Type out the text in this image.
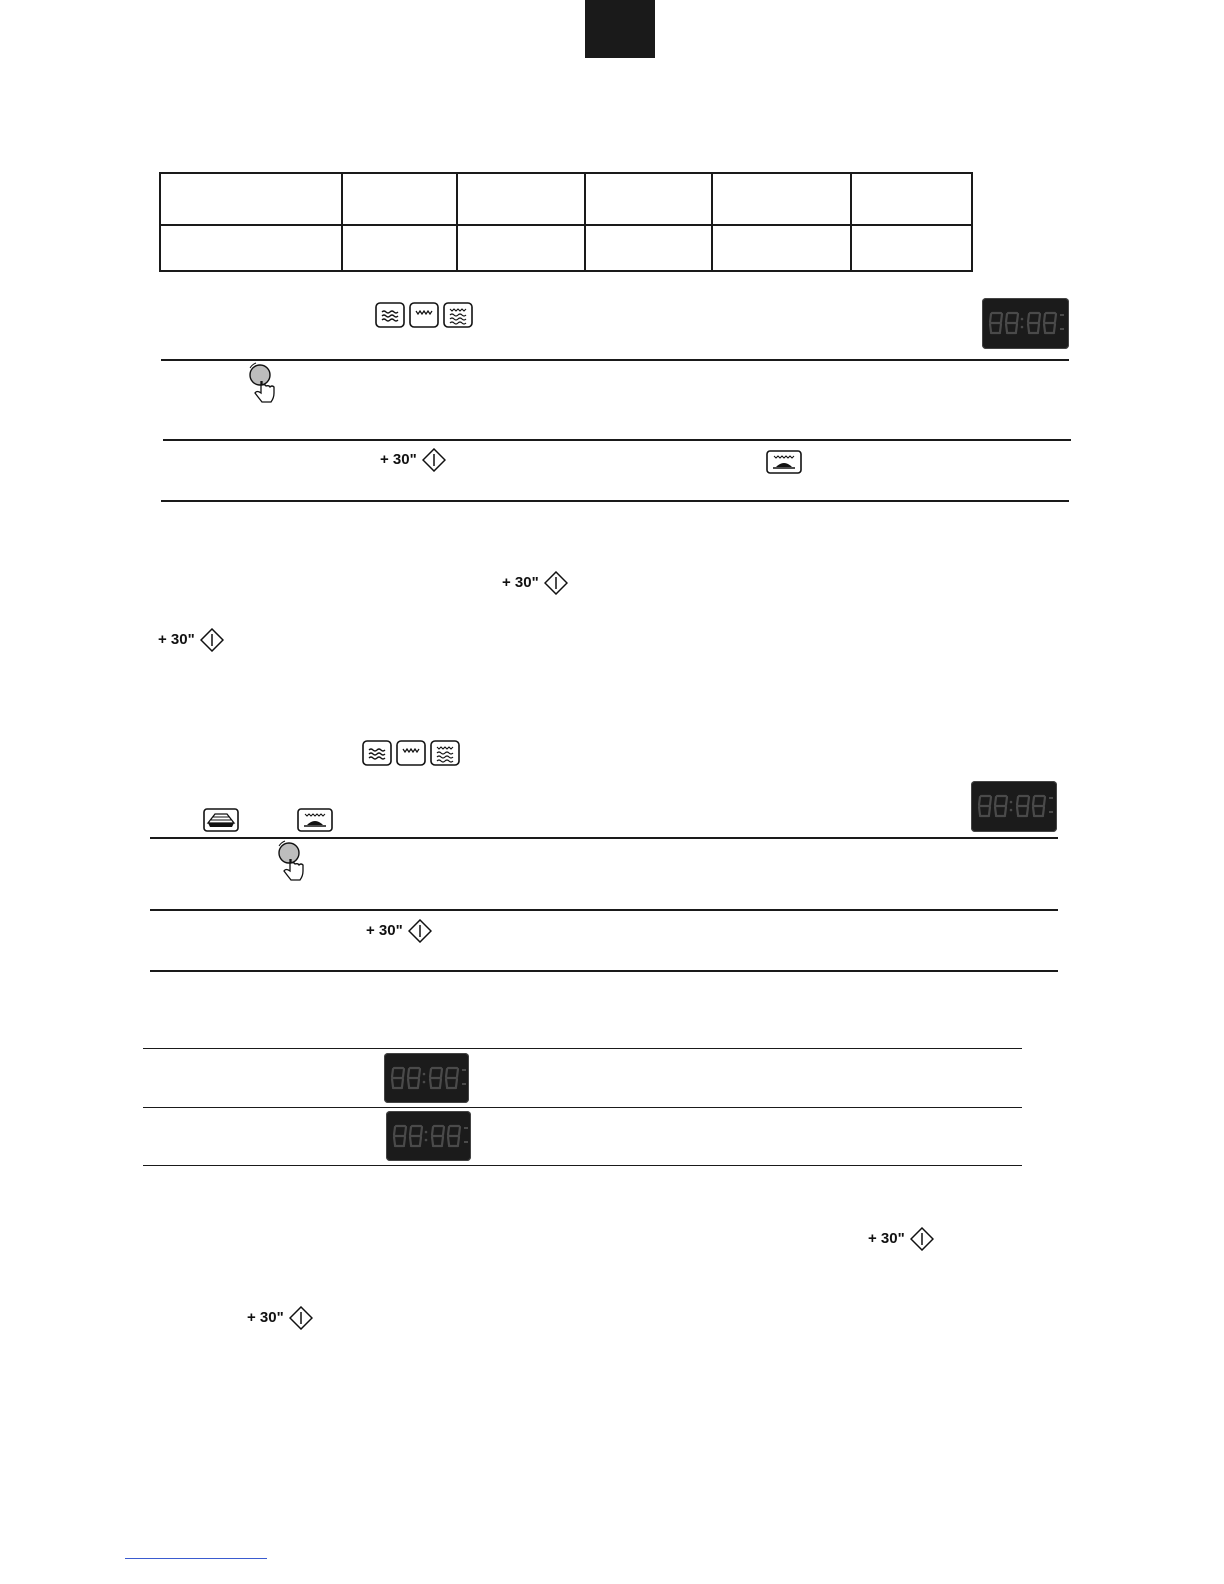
+ 30"
+ 30"
+ 30"
+ 30"
+ 30"
+ 30"
